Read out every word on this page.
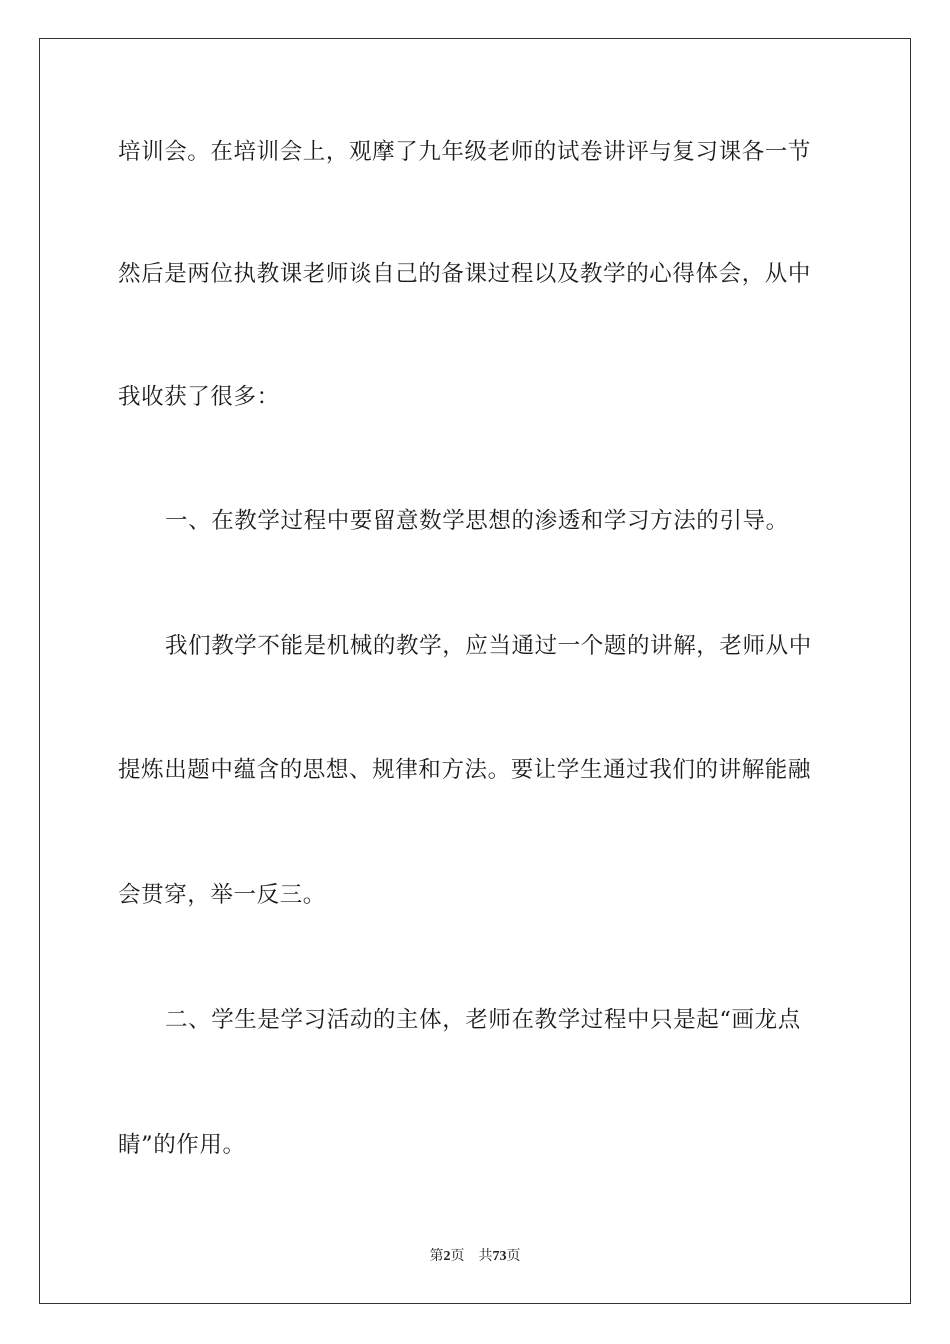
培训会。在培训会上，观摩了九年级老师的试卷讲评与复习课各一节
然后是两位执教课老师谈自己的备课过程以及教学的心得体会，从中
我收获了很多：
一、在教学过程中要留意数学思想的渗透和学习方法的引导。
我们教学不能是机械的教学，应当通过一个题的讲解，老师从中
提炼出题中蕴含的思想、规律和方法。要让学生通过我们的讲解能融
会贯穿，举一反三。
二、学生是学习活动的主体，老师在教学过程中只是起“画龙点
睛”的作用。
第2页 共73页
